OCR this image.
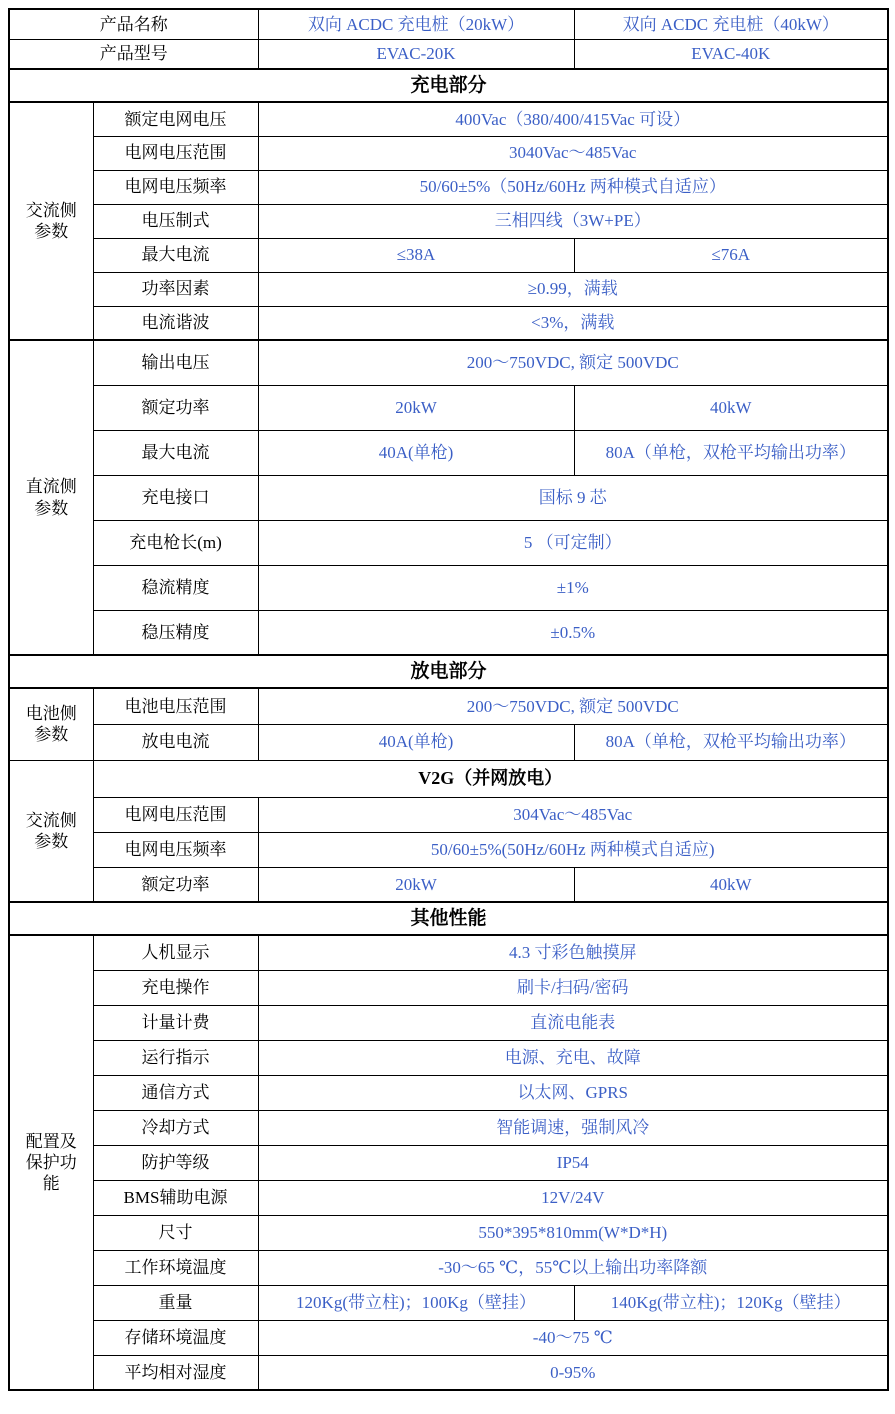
产品名称		双向 ACDC 充电桩（20kW）	双向 ACDC 充电桩（40kW）
产品型号		EVAC-20K	EVAC-40K
充电部分			
交流侧参数	额定电网电压	400Vac（380/400/415Vac 可设）	
	电网电压范围	3040Vac～485Vac	
	电网电压频率	50/60±5%（50Hz/60Hz 两种模式自适应）	
	电压制式	三相四线（3W+PE）	
	最大电流	≤38A	≤76A
	功率因素	≥0.99，满载	
	电流谐波	<3%，满载	
直流侧参数	输出电压	200～750VDC, 额定 500VDC	
	额定功率	20kW	40kW
	最大电流	40A(单枪)	80A（单枪，双枪平均输出功率）
	充电接口	国标 9 芯	
	充电枪长(m)	5 （可定制）	
	稳流精度	±1%	
	稳压精度	±0.5%	
放电部分			
电池侧参数	电池电压范围	200～750VDC, 额定 500VDC	
	放电电流	40A(单枪)	80A（单枪，双枪平均输出功率）
交流侧参数	V2G（并网放电）		
	电网电压范围	304Vac～485Vac	
	电网电压频率	50/60±5%(50Hz/60Hz 两种模式自适应)	
	额定功率	20kW	40kW
其他性能			
配置及保护功能	人机显示	4.3 寸彩色触摸屏	
	充电操作	刷卡/扫码/密码	
	计量计费	直流电能表	
	运行指示	电源、充电、故障	
	通信方式	以太网、GPRS	
	冷却方式	智能调速，强制风冷	
	防护等级	IP54	
	BMS辅助电源	12V/24V	
	尺寸	550*395*810mm(W*D*H)	
	工作环境温度	-30～65 ℃，55℃以上输出功率降额	
	重量	120Kg(带立柱)；100Kg（壁挂）	140Kg(带立柱)；120Kg（壁挂）
	存储环境温度	-40～75 ℃	
	平均相对湿度	0-95%	
